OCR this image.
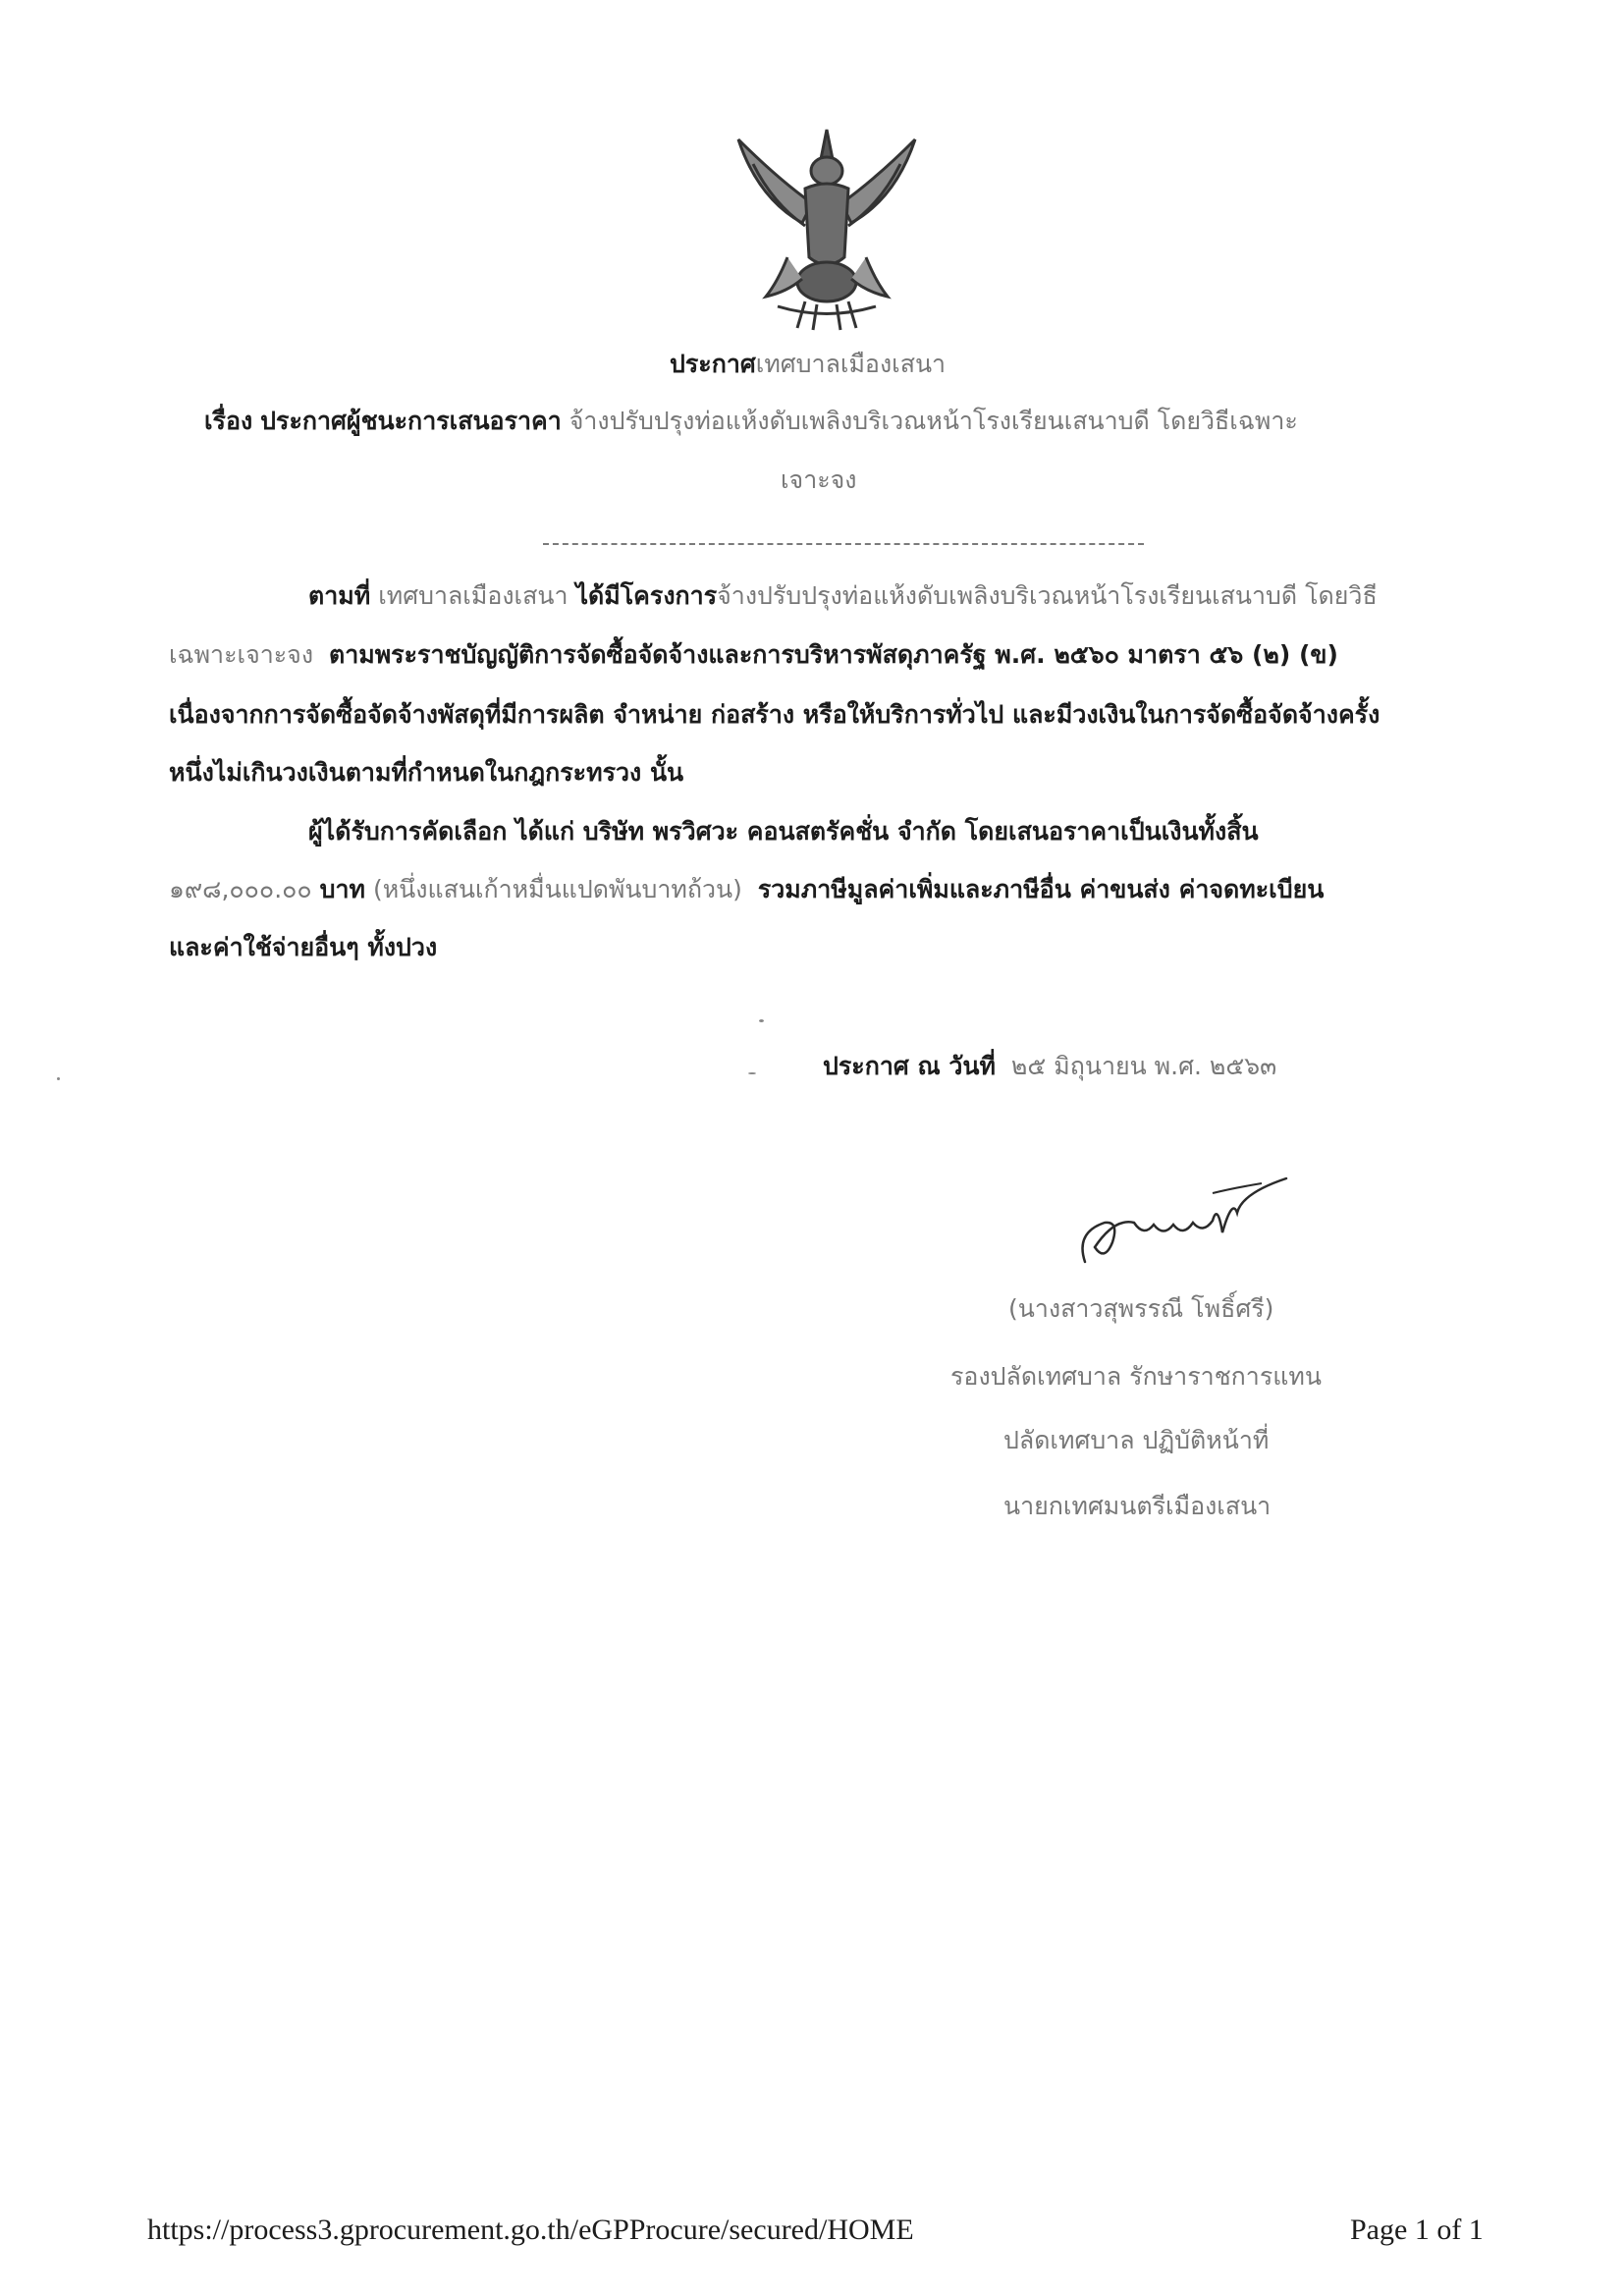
ประกาศเทศบาลเมืองเสนา
เรื่อง ประกาศผู้ชนะการเสนอราคา จ้างปรับปรุงท่อแห้งดับเพลิงบริเวณหน้าโรงเรียนเสนาบดี โดยวิธีเฉพาะ
เจาะจง
ตามที่ เทศบาลเมืองเสนา ได้มีโครงการจ้างปรับปรุงท่อแห้งดับเพลิงบริเวณหน้าโรงเรียนเสนาบดี โดยวิธี
เฉพาะเจาะจง ตามพระราชบัญญัติการจัดซื้อจัดจ้างและการบริหารพัสดุภาครัฐ พ.ศ. ๒๕๖๐ มาตรา ๕๖ (๒) (ข)
เนื่องจากการจัดซื้อจัดจ้างพัสดุที่มีการผลิต จำหน่าย ก่อสร้าง หรือให้บริการทั่วไป และมีวงเงินในการจัดซื้อจัดจ้างครั้ง
หนึ่งไม่เกินวงเงินตามที่กำหนดในกฎกระทรวง นั้น
ผู้ได้รับการคัดเลือก ได้แก่ บริษัท พรวิศวะ คอนสตรัคชั่น จำกัด โดยเสนอราคาเป็นเงินทั้งสิ้น
๑๙๘,๐๐๐.๐๐ บาท (หนึ่งแสนเก้าหมื่นแปดพันบาทถ้วน) รวมภาษีมูลค่าเพิ่มและภาษีอื่น ค่าขนส่ง ค่าจดทะเบียน
และค่าใช้จ่ายอื่นๆ ทั้งปวง
ประกาศ ณ วันที่ ๒๕ มิถุนายน พ.ศ. ๒๕๖๓
(นางสาวสุพรรณี โพธิ์ศรี)
รองปลัดเทศบาล รักษาราชการแทน
ปลัดเทศบาล ปฏิบัติหน้าที่
นายกเทศมนตรีเมืองเสนา
https://process3.gprocurement.go.th/eGPProcure/secured/HOME	Page 1 of 1
